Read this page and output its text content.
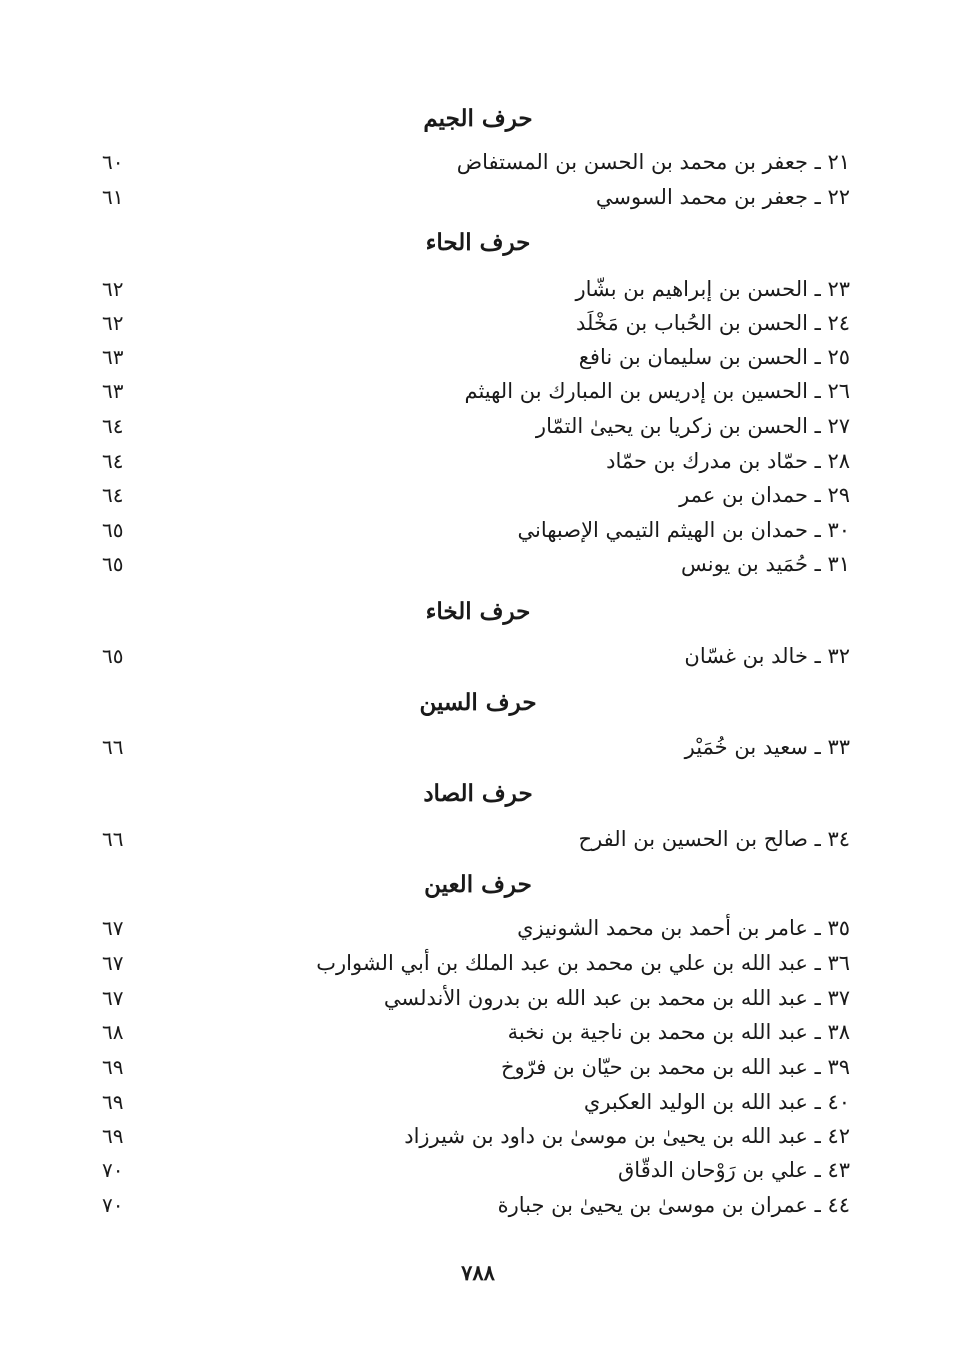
حرف الجيم
٢١ ـ جعفر بن محمد بن الحسن بن المستفاض
٦٠
٢٢ ـ جعفر بن محمد السوسي
٦١
حرف الحاء
٢٣ ـ الحسن بن إبراهيم بن بشّار
٦٢
٢٤ ـ الحسن بن الحُباب بن مَخْلَد
٦٢
٢٥ ـ الحسن بن سليمان بن نافع
٦٣
٢٦ ـ الحسين بن إدريس بن المبارك بن الهيثم
٦٣
٢٧ ـ الحسن بن زكريا بن يحيىٰ التمّار
٦٤
٢٨ ـ حمّاد بن مدرك بن حمّاد
٦٤
٢٩ ـ حمدان بن عمر
٦٤
٣٠ ـ حمدان بن الهيثم التيمي الإصبهاني
٦٥
٣١ ـ حُمَيد بن يونس
٦٥
حرف الخاء
٣٢ ـ خالد بن غسّان
٦٥
حرف السين
٣٣ ـ سعيد بن خُمَيْر
٦٦
حرف الصاد
٣٤ ـ صالح بن الحسين بن الفرح
٦٦
حرف العين
٣٥ ـ عامر بن أحمد بن محمد الشونيزي
٦٧
٣٦ ـ عبد الله بن علي بن محمد بن عبد الملك بن أبي الشوارب
٦٧
٣٧ ـ عبد الله بن محمد بن عبد الله بن بدرون الأندلسي
٦٧
٣٨ ـ عبد الله بن محمد بن ناجية بن نخبة
٦٨
٣٩ ـ عبد الله بن محمد بن حيّان بن فرّوخ
٦٩
٤٠ ـ عبد الله بن الوليد العكبري
٦٩
٤٢ ـ عبد الله بن يحيىٰ بن موسىٰ بن داود بن شيرزاد
٦٩
٤٣ ـ علي بن رَوْحان الدقّاق
٧٠
٤٤ ـ عمران بن موسىٰ بن يحيىٰ بن جبارة
٧٠
٧٨٨
